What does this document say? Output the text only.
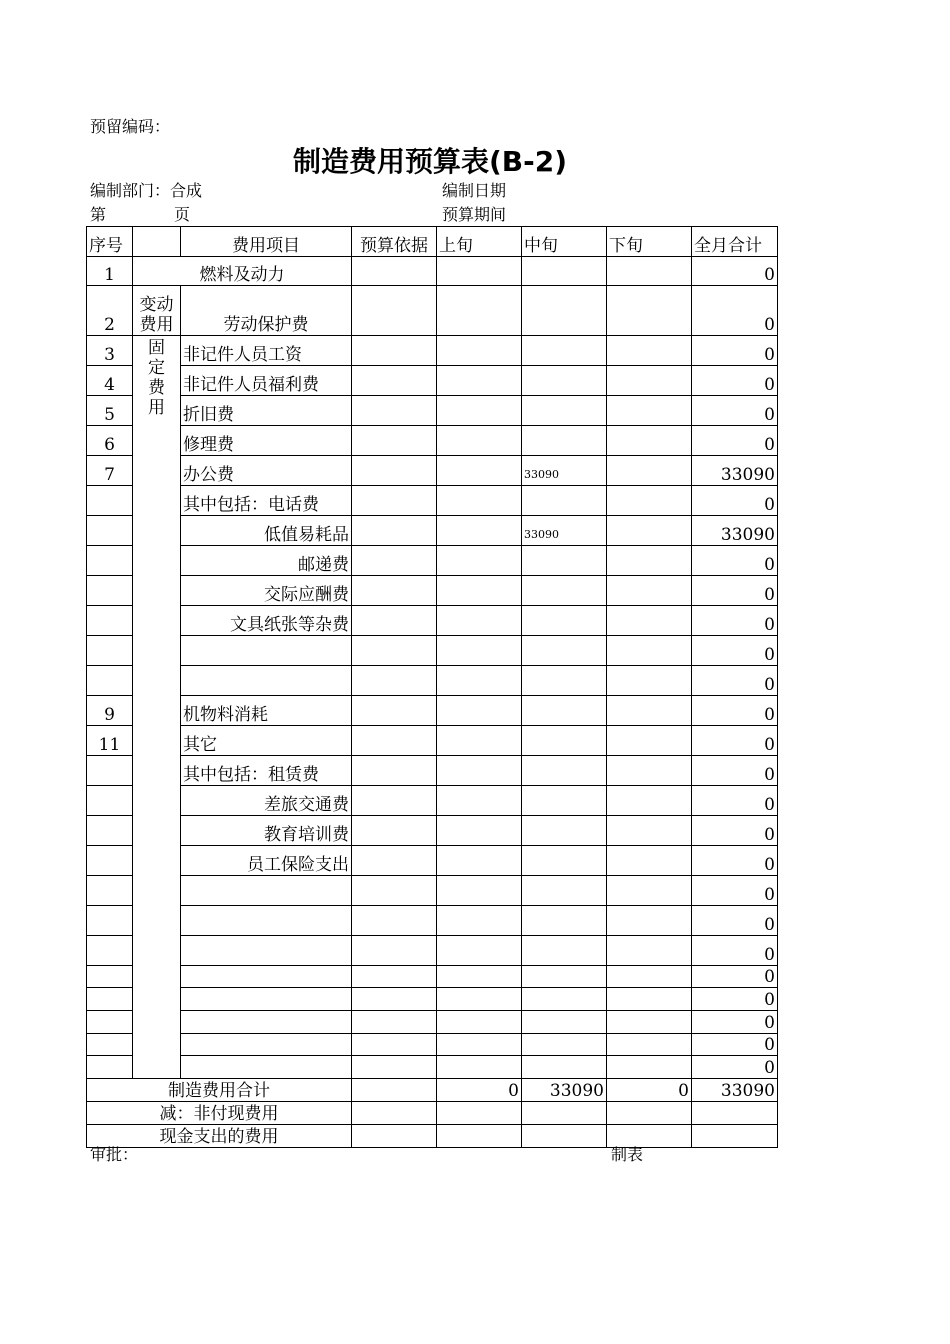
预留编码：
制造费用预算表(B-2)
编制部门：合成	编制日期
第	页	预算期间
序号		费用项目	预算依据	上旬	中旬	下旬	全月合计
1	燃料及动力						0
2	变动费用	劳动保护费					0
3	固定费用	非记件人员工资					0
4		非记件人员福利费					0
5		折旧费					0
6		修理费					0
7		办公费			33090		33090
		其中包括：电话费					0
		低值易耗品			33090		33090
		邮递费					0
		交际应酬费					0
		文具纸张等杂费					0
							0
							0
9		机物料消耗					0
11		其它					0
		其中包括：租赁费					0
		差旅交通费					0
		教育培训费					0
		员工保险支出					0
							0
							0
							0
							0
							0
							0
							0
							0
制造费用合计				0	33090	0	33090
减：非付现费用							
现金支出的费用							
审批：	制表
